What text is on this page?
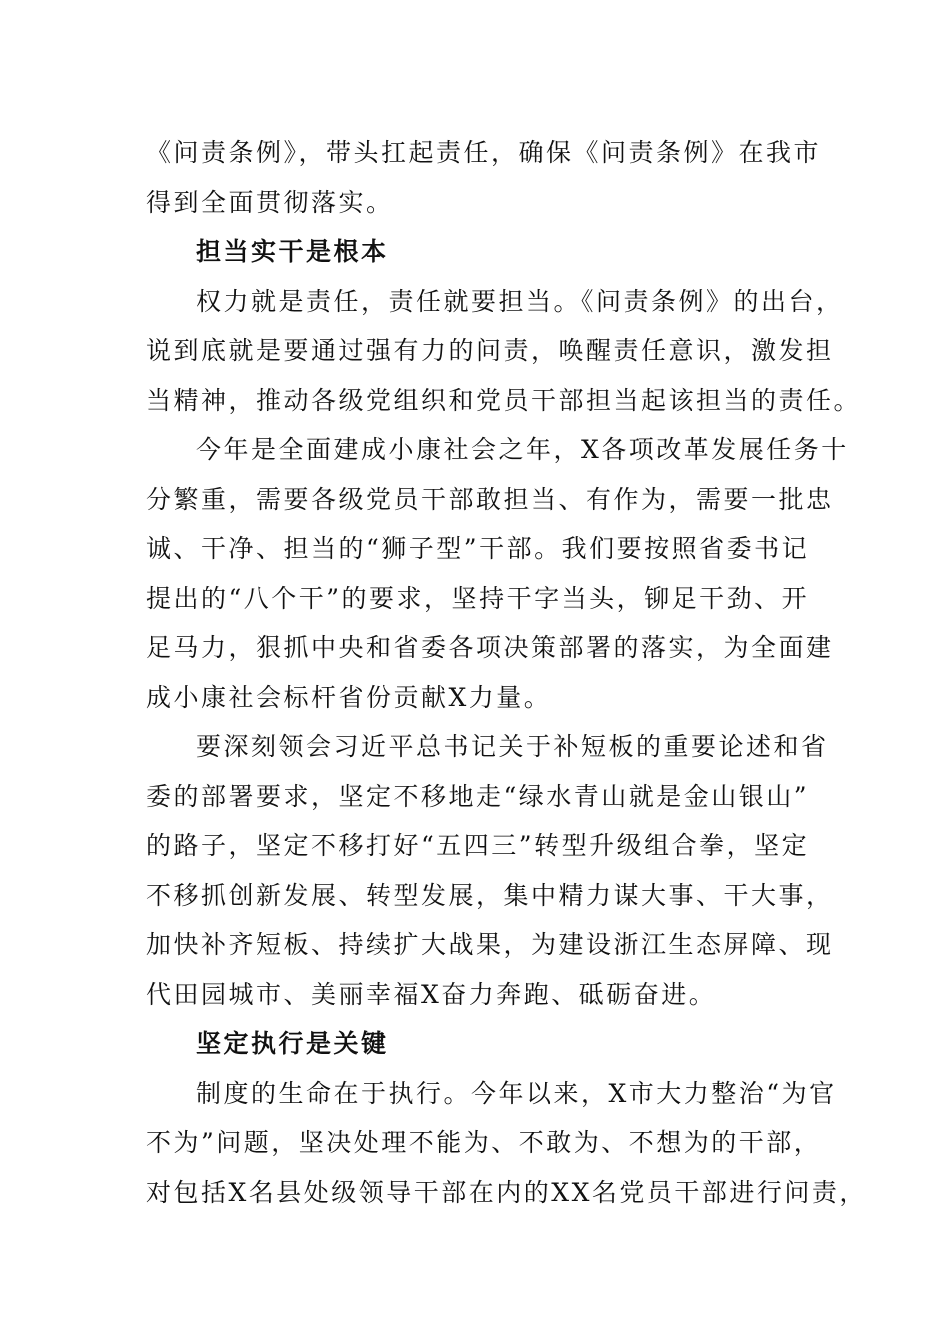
《问责条例》，带头扛起责任，确保《问责条例》在我市
得到全面贯彻落实。
担当实干是根本
权力就是责任，责任就要担当。《问责条例》的出台，
说到底就是要通过强有力的问责，唤醒责任意识，激发担
当精神，推动各级党组织和党员干部担当起该担当的责任。
今年是全面建成小康社会之年，X各项改革发展任务十
分繁重，需要各级党员干部敢担当、有作为，需要一批忠
诚、干净、担当的“狮子型”干部。我们要按照省委书记
提出的“八个干”的要求，坚持干字当头，铆足干劲、开
足马力，狠抓中央和省委各项决策部署的落实，为全面建
成小康社会标杆省份贡献X力量。
要深刻领会习近平总书记关于补短板的重要论述和省
委的部署要求，坚定不移地走“绿水青山就是金山银山”
的路子，坚定不移打好“五四三”转型升级组合拳，坚定
不移抓创新发展、转型发展，集中精力谋大事、干大事，
加快补齐短板、持续扩大战果，为建设浙江生态屏障、现
代田园城市、美丽幸福X奋力奔跑、砥砺奋进。
坚定执行是关键
制度的生命在于执行。今年以来，X市大力整治“为官
不为”问题，坚决处理不能为、不敢为、不想为的干部，
对包括X名县处级领导干部在内的XX名党员干部进行问责，
